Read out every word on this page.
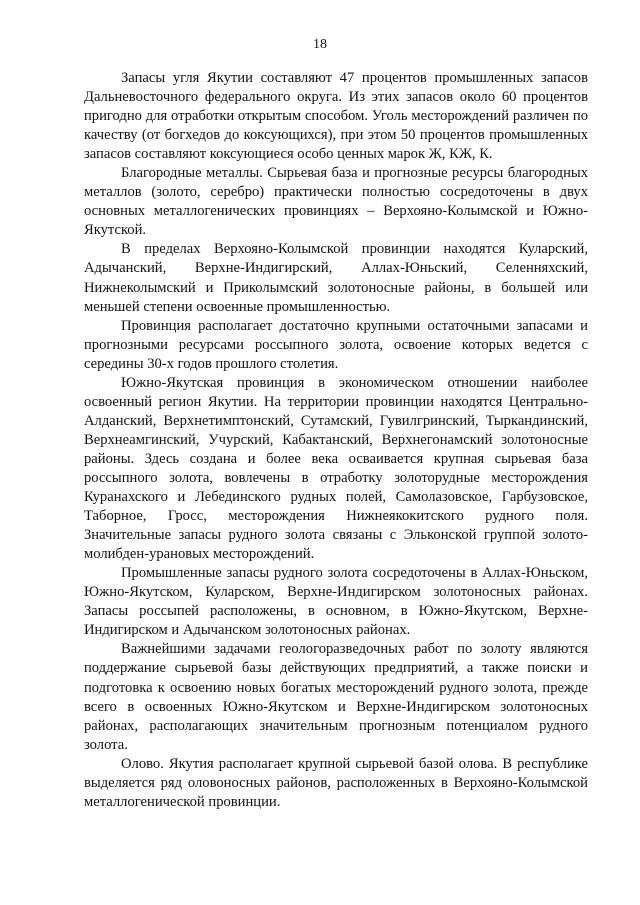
18

Запасы угля Якутии составляют 47 процентов промышленных запасов Дальневосточного федерального округа. Из этих запасов около 60 процентов пригодно для отработки открытым способом. Уголь месторождений различен по качеству (от богхедов до коксующихся), при этом 50 процентов промышленных запасов составляют коксующиеся особо ценных марок Ж, КЖ, К.

Благородные металлы. Сырьевая база и прогнозные ресурсы благородных металлов (золото, серебро) практически полностью сосредоточены в двух основных металлогенических провинциях – Верхояно-Колымской и Южно-Якутской.

В пределах Верхояно-Колымской провинции находятся Куларский, Адычанский, Верхне-Индигирский, Аллах-Юньский, Селенняхский, Нижнеколымский и Приколымский золотоносные районы, в большей или меньшей степени освоенные промышленностью.

Провинция располагает достаточно крупными остаточными запасами и прогнозными ресурсами россыпного золота, освоение которых ведется с середины 30-х годов прошлого столетия.

Южно-Якутская провинция в экономическом отношении наиболее освоенный регион Якутии. На территории провинции находятся Центрально-Алданский, Верхнетимптонский, Сутамский, Гувилгринский, Тыркандинский, Верхнеамгинский, Учурский, Кабактанский, Верхнегонамский золотоносные районы. Здесь создана и более века осваивается крупная сырьевая база россыпного золота, вовлечены в отработку золоторудные месторождения Куранахского и Лебединского рудных полей, Самолазовское, Гарбузовское, Таборное, Гросс, месторождения Нижнеякокитского рудного поля. Значительные запасы рудного золота связаны с Эльконской группой золото-молибден-урановых месторождений.

Промышленные запасы рудного золота сосредоточены в Аллах-Юньском, Южно-Якутском, Куларском, Верхне-Индигирском золотоносных районах. Запасы россыпей расположены, в основном, в Южно-Якутском, Верхне-Индигирском и Адычанском золотоносных районах.

Важнейшими задачами геологоразведочных работ по золоту являются поддержание сырьевой базы действующих предприятий, а также поиски и подготовка к освоению новых богатых месторождений рудного золота, прежде всего в освоенных Южно-Якутском и Верхне-Индигирском золотоносных районах, располагающих значительным прогнозным потенциалом рудного золота.

Олово. Якутия располагает крупной сырьевой базой олова. В республике выделяется ряд оловоносных районов, расположенных в Верхояно-Колымской металлогенической провинции.
